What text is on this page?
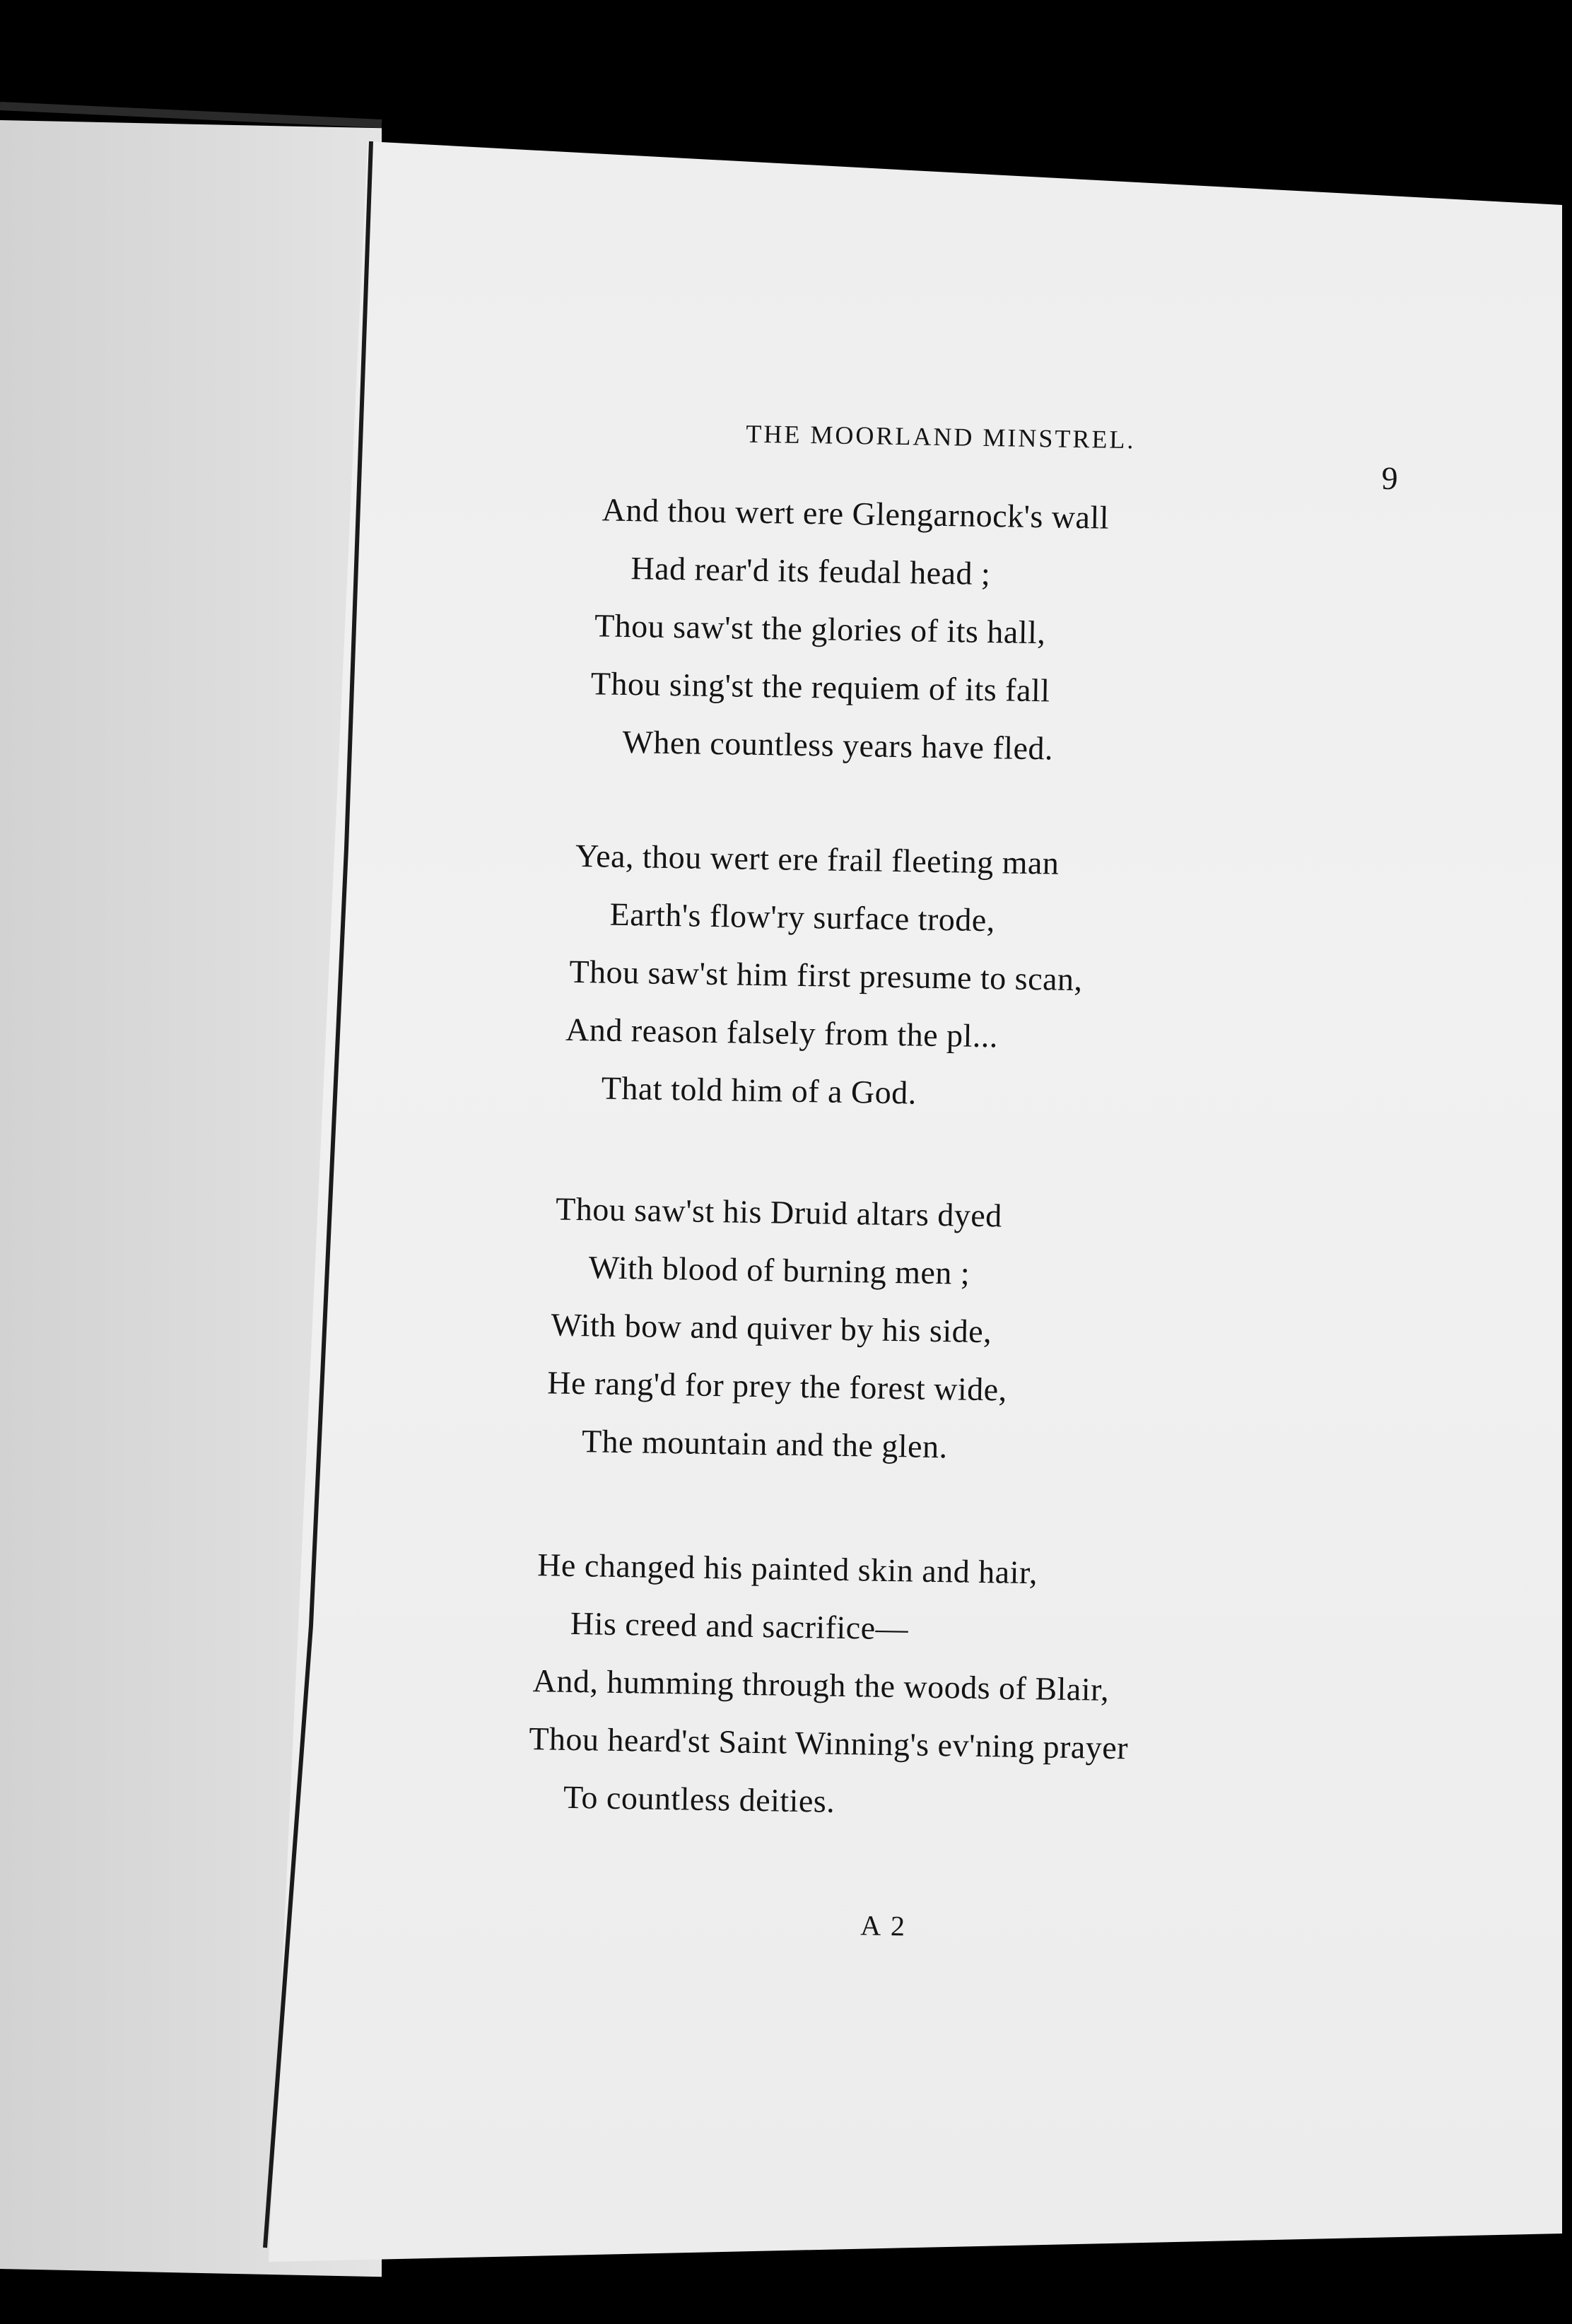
THE MOORLAND MINSTREL.
9
And thou wert ere Glengarnock's wall
Had rear'd its feudal head ;
Thou saw'st the glories of its hall,
Thou sing'st the requiem of its fall
When countless years have fled.
Yea, thou wert ere frail fleeting man
Earth's flow'ry surface trode,
Thou saw'st him first presume to scan,
And reason falsely from the pl...
That told him of a God.
Thou saw'st his Druid altars dyed
With blood of burning men ;
With bow and quiver by his side,
He rang'd for prey the forest wide,
The mountain and the glen.
He changed his painted skin and hair,
His creed and sacrifice—
And, humming through the woods of Blair,
Thou heard'st Saint Winning's ev'ning prayer
To countless deities.
A 2
